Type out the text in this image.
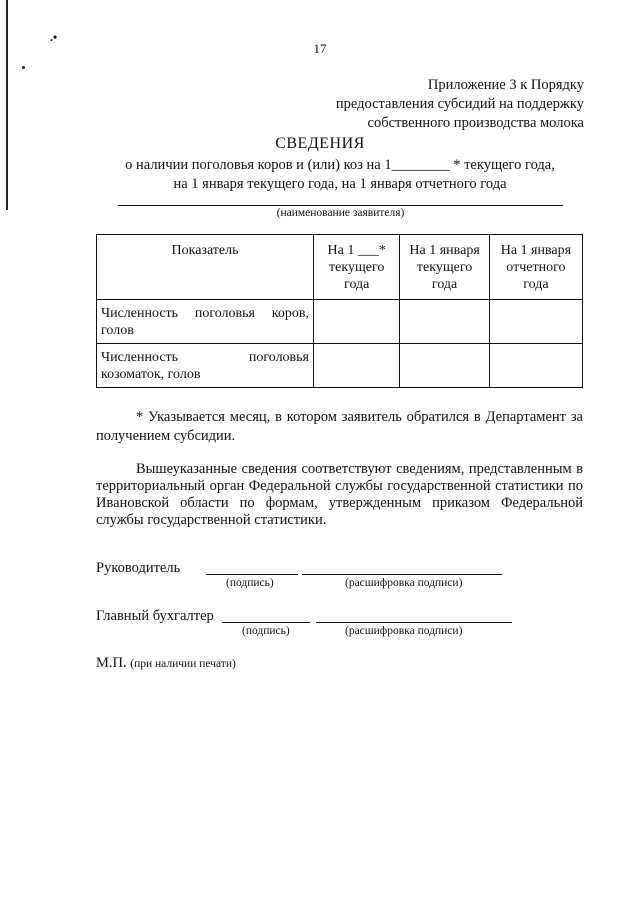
.•
17
Приложение 3 к Порядку
предоставления субсидий на поддержку
собственного производства молока
СВЕДЕНИЯ
о наличии поголовья коров и (или) коз на 1________ * текущего года,
на 1 января текущего года, на 1 января отчетного года
(наименование заявителя)
Показатель	На 1 ___* текущего года	На 1 января текущего года	На 1 января отчетного года
Численность поголовья коров,
голов			

Численность поголовья
козоматок, голов			

* Указывается месяц, в котором заявитель обратился в Департамент за получением субсидии.
Вышеуказанные сведения соответствуют сведениям, представленным в территориальный орган Федеральной службы государственной статистики по Ивановской области по формам, утвержденным приказом Федеральной службы государственной статистики.
Руководитель
(подпись)	(расшифровка подписи)
Главный бухгалтер
(подпись)	(расшифровка подписи)
М.П. (при наличии печати)
